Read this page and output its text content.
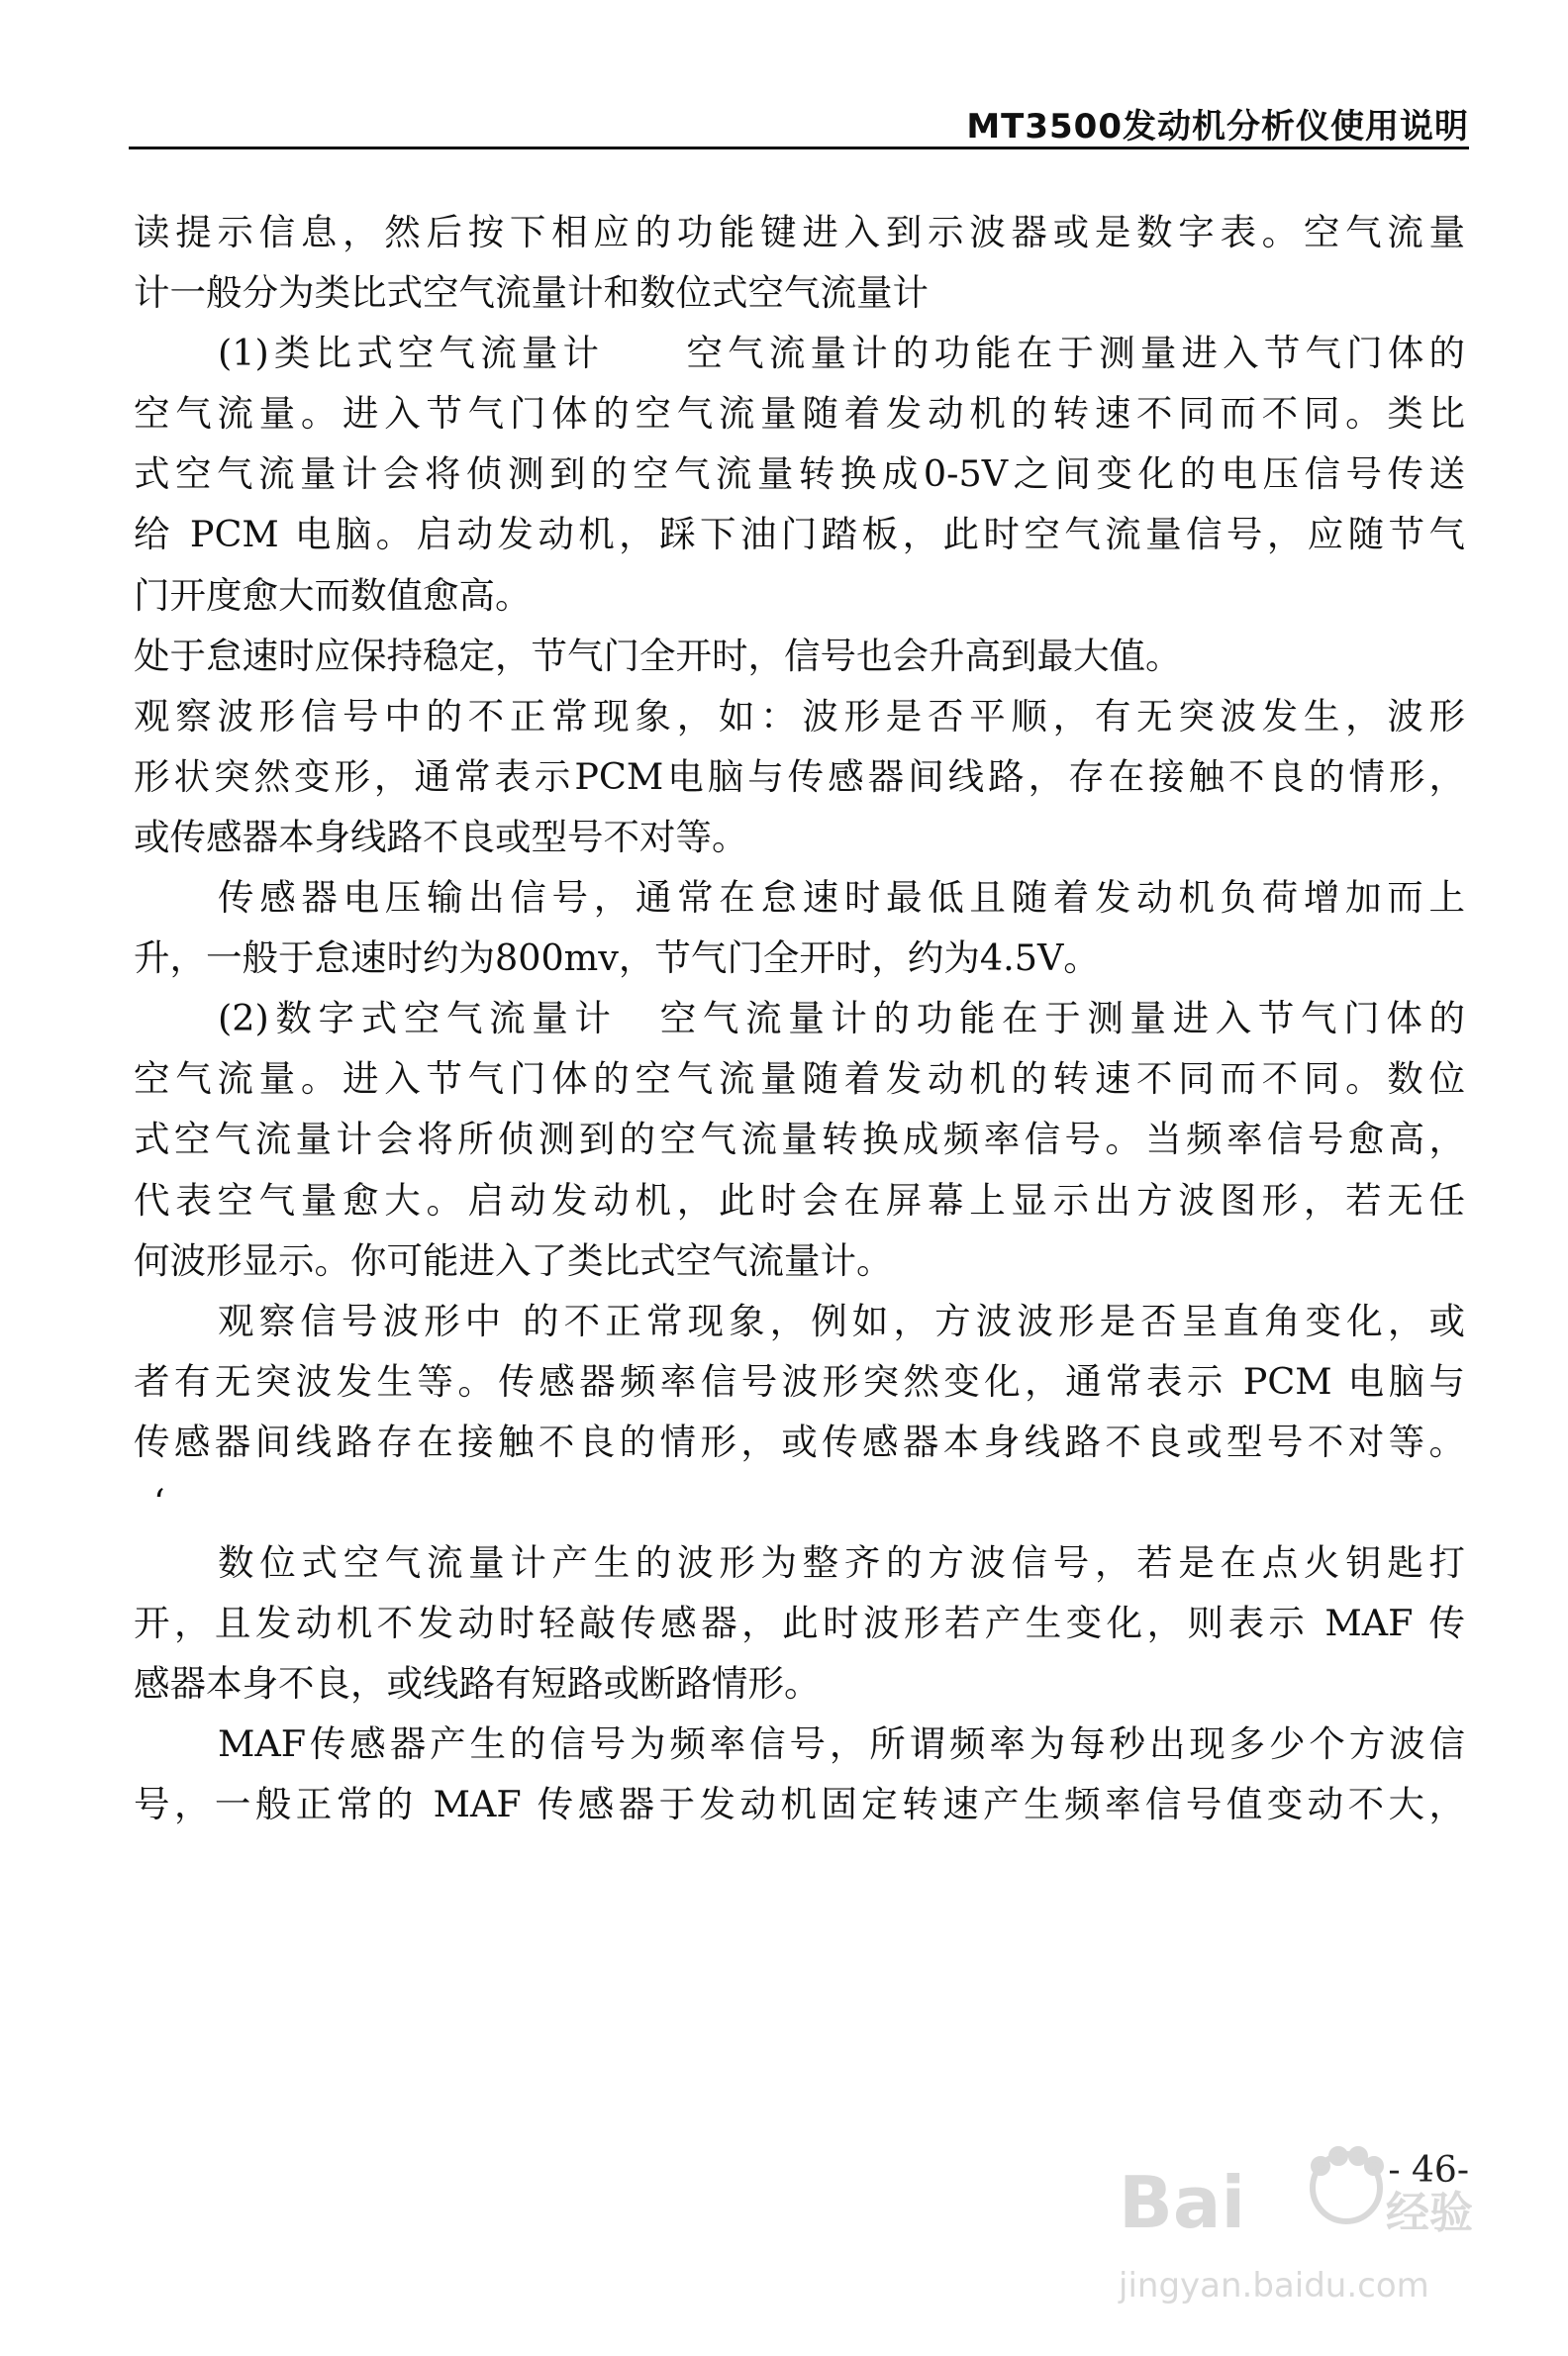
MT3500发动机分析仪使用说明
读提示信息，然后按下相应的功能键进入到示波器或是数字表。空气流量
计一般分为类比式空气流量计和数位式空气流量计
(1)类比式空气流量计　　空气流量计的功能在于测量进入节气门体的
空气流量。进入节气门体的空气流量随着发动机的转速不同而不同。类比
式空气流量计会将侦测到的空气流量转换成0-5V之间变化的电压信号传送
给 PCM 电脑。启动发动机，踩下油门踏板，此时空气流量信号，应随节气
门开度愈大而数值愈高。
处于怠速时应保持稳定，节气门全开时，信号也会升高到最大值。
观察波形信号中的不正常现象，如：波形是否平顺，有无突波发生，波形
形状突然变形，通常表示PCM电脑与传感器间线路，存在接触不良的情形，
或传感器本身线路不良或型号不对等。
传感器电压输出信号，通常在怠速时最低且随着发动机负荷增加而上
升，一般于怠速时约为800mv，节气门全开时，约为4.5V。
(2)数字式空气流量计　空气流量计的功能在于测量进入节气门体的
空气流量。进入节气门体的空气流量随着发动机的转速不同而不同。数位
式空气流量计会将所侦测到的空气流量转换成频率信号。当频率信号愈高，
代表空气量愈大。启动发动机，此时会在屏幕上显示出方波图形，若无任
何波形显示。你可能进入了类比式空气流量计。
观察信号波形中 的不正常现象，例如，方波波形是否呈直角变化，或
者有无突波发生等。传感器频率信号波形突然变化，通常表示 PCM 电脑与
传感器间线路存在接触不良的情形，或传感器本身线路不良或型号不对等。
‘
数位式空气流量计产生的波形为整齐的方波信号，若是在点火钥匙打
开，且发动机不发动时轻敲传感器，此时波形若产生变化，则表示 MAF 传
感器本身不良，或线路有短路或断路情形。
MAF传感器产生的信号为频率信号，所谓频率为每秒出现多少个方波信
号，一般正常的 MAF 传感器于发动机固定转速产生频率信号值变动不大，
- 46-
Bai	经验
jingyan.baidu.com
